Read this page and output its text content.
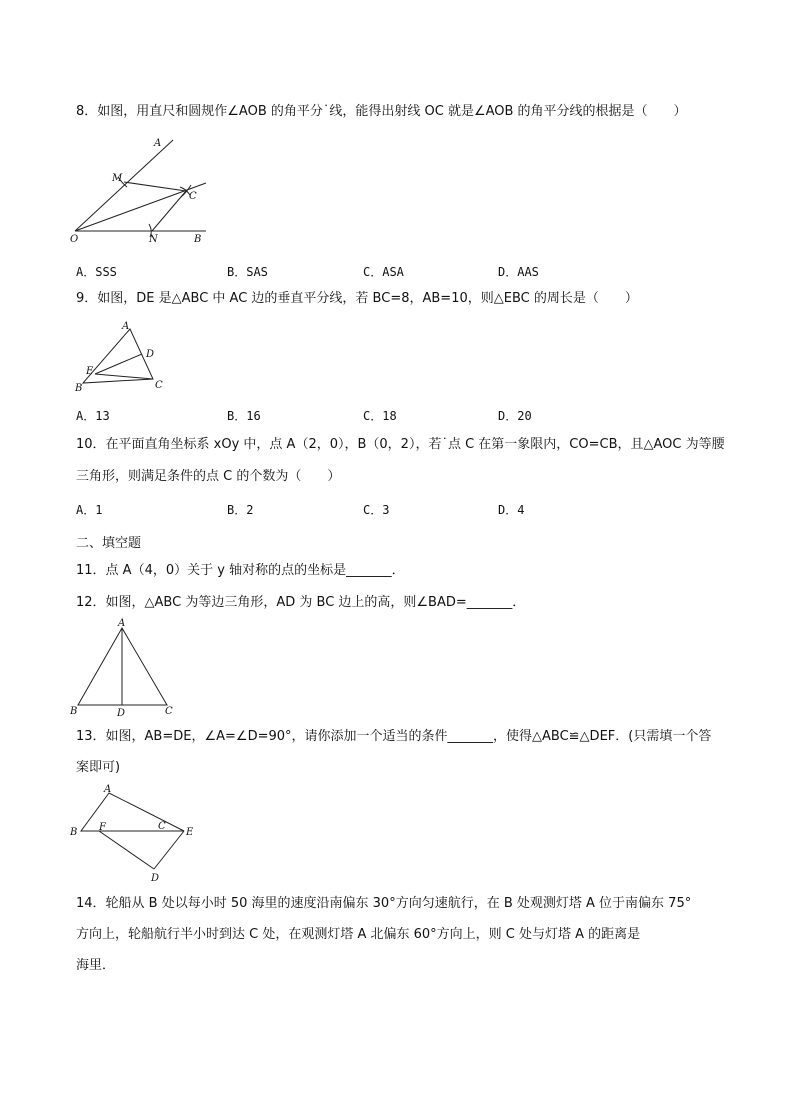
8．如图，用直尺和圆规作∠AOB 的角平分˙线，能得出射线 OC 就是∠AOB 的角平分线的根据是（　　）
A
M
C
O	N	B
A．SSS	B．SAS	C．ASA	D．AAS
9．如图，DE 是△ABC 中 AC 边的垂直平分线，若 BC=8，AB=10，则△EBC 的周长是（　　）
A
D
E
B	C
A．13	B．16	C．18	D．20
10．在平面直角坐标系 xOy 中，点 A（2，0），B（0，2），若˙点 C 在第一象限内，CO=CB，且△AOC 为等腰
三角形，则满足条件的点 C 的个数为（　　）
A．1	B．2	C．3	D．4
二、填空题
11．点 A（4，0）关于 y 轴对称的点的坐标是_______．
12．如图，△ABC 为等边三角形，AD 为 BC 边上的高，则∠BAD=_______．
A
B	D	C
13．如图，AB=DE，∠A=∠D=90°，请你添加一个适当的条件_______，使得△ABC≌△DEF．(只需填一个答
案即可)
A
B F	C
E
D
14．轮船从 B 处以每小时 50 海里的速度沿南偏东 30°方向匀速航行，在 B 处观测灯塔 A 位于南偏东 75°
方向上，轮船航行半小时到达 C 处，在观测灯塔 A 北偏东 60°方向上，则 C 处与灯塔 A 的距离是
海里．
